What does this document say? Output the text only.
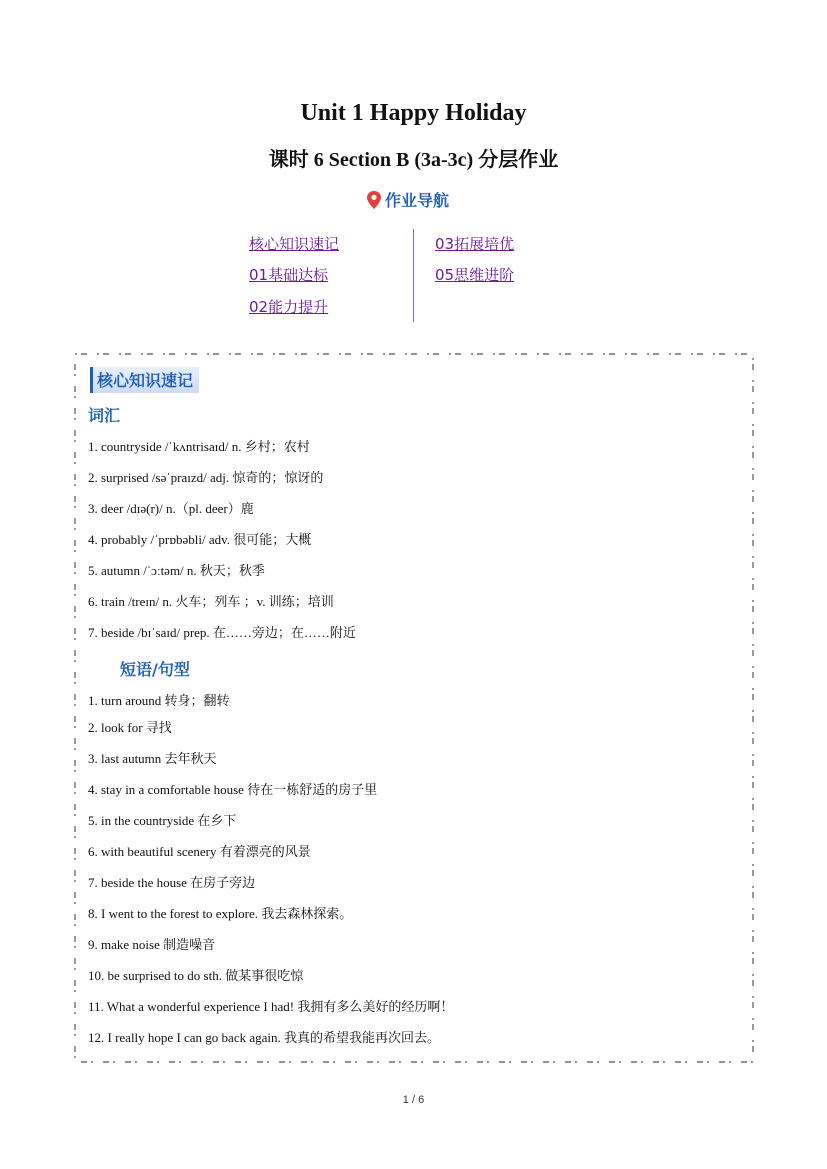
Unit 1 Happy Holiday
课时 6 Section B (3a-3c) 分层作业
作业导航
核心知识速记
01基础达标
02能力提升
03拓展培优
05思维进阶
核心知识速记
词汇
1. countryside /ˈkʌntrisaɪd/ n. 乡村；农村
2. surprised /səˈpraɪzd/ adj. 惊奇的；惊讶的
3. deer /dɪə(r)/ n.（pl. deer）鹿
4. probably /ˈprɒbəbli/ adv. 很可能；大概
5. autumn /ˈɔːtəm/ n. 秋天；秋季
6. train /treɪn/ n. 火车；列车 ；v. 训练；培训
7. beside /bɪˈsaɪd/ prep. 在……旁边；在……附近
短语/句型
1. turn around 转身；翻转
2. look for 寻找
3. last autumn 去年秋天
4. stay in a comfortable house 待在一栋舒适的房子里
5. in the countryside 在乡下
6. with beautiful scenery 有着漂亮的风景
7. beside the house 在房子旁边
8. I went to the forest to explore. 我去森林探索。
9. make noise 制造噪音
10. be surprised to do sth. 做某事很吃惊
11. What a wonderful experience I had! 我拥有多么美好的经历啊！
12. I really hope I can go back again. 我真的希望我能再次回去。
1 / 6
